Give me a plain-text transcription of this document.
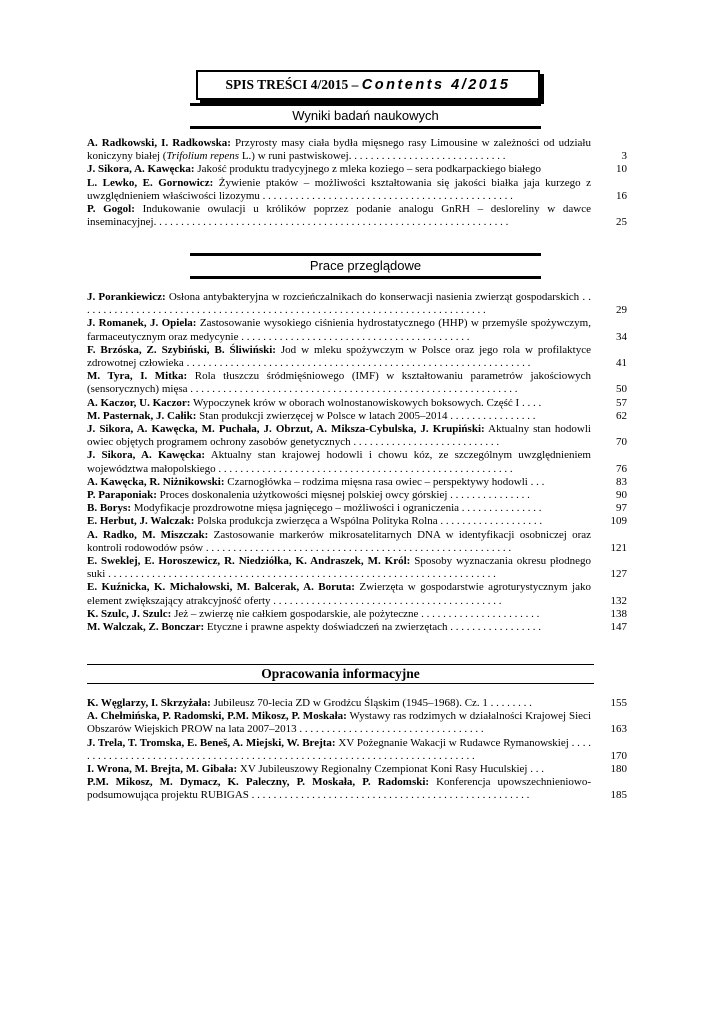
SPIS TREŚCI 4/2015 – Contents 4/2015
Wyniki badań naukowych
A. Radkowski, I. Radkowska: Przyrosty masy ciała bydła mięsnego rasy Limousine w zależności od udziału koniczyny białej (Trifolium repens L.) w runi pastwiskowej. . . . . . . . . . . . . . . . . . . . . . . . . . . . .	3
J. Sikora, A. Kawęcka: Jakość produktu tradycyjnego z mleka koziego – sera podkarpackiego białego	10
L. Lewko, E. Gornowicz: Żywienie ptaków – możliwości kształtowania się jakości białka jaja kurzego z uwzględnieniem właściwości lizozymu . . . . . . . . . . . . . . . . . . . . . . . . . . . . . . . . . . . . . . . . . . . . . .	16
P. Gogol: Indukowanie owulacji u królików poprzez podanie analogu GnRH – desloreliny w dawce inseminacyjnej. . . . . . . . . . . . . . . . . . . . . . . . . . . . . . . . . . . . . . . . . . . . . . . . . . . . . . . . . . . . . . . . .	25
Prace przeglądowe
J. Porankiewicz: Osłona antybakteryjna w rozcieńczalnikach do konserwacji nasienia zwierząt gospodarskich . . . . . . . . . . . . . . . . . . . . . . . . . . . . . . . . . . . . . . . . . . . . . . . . . . . . . . . . . . . . . . . . . . . . . . . . . . .	29
J. Romanek, J. Opiela: Zastosowanie wysokiego ciśnienia hydrostatycznego (HHP) w przemyśle spożywczym, farmaceutycznym oraz medycynie . . . . . . . . . . . . . . . . . . . . . . . . . . . . . . . . . . . . . . . . . .	34
F. Brzóska, Z. Szybiński, B. Śliwiński: Jod w mleku spożywczym w Polsce oraz jego rola w profilaktyce zdrowotnej człowieka . . . . . . . . . . . . . . . . . . . . . . . . . . . . . . . . . . . . . . . . . . . . . . . . . . . . . . . . . . . . . . .	41
M. Tyra, I. Mitka: Rola tłuszczu śródmięśniowego (IMF) w kształtowaniu parametrów jakościowych (sensorycznych) mięsa . . . . . . . . . . . . . . . . . . . . . . . . . . . . . . . . . . . . . . . . . . . . . . . . . . . . . . . . . . . .	50
A. Kaczor, U. Kaczor: Wypoczynek krów w oborach wolnostanowiskowych boksowych. Część I . . . .	57
M. Pasternak, J. Całik: Stan produkcji zwierzęcej w Polsce w latach 2005–2014 . . . . . . . . . . . . . . . .	62
J. Sikora, A. Kawęcka, M. Puchała, J. Obrzut, A. Miksza-Cybulska, J. Krupiński: Aktualny stan hodowli owiec objętych programem ochrony zasobów genetycznych . . . . . . . . . . . . . . . . . . . . . . . . . . .	70
J. Sikora, A. Kawęcka: Aktualny stan krajowej hodowli i chowu kóz, ze szczególnym uwzględnieniem województwa małopolskiego . . . . . . . . . . . . . . . . . . . . . . . . . . . . . . . . . . . . . . . . . . . . . . . . . . . . . .	76
A. Kawęcka, R. Niżnikowski: Czarnogłówka – rodzima mięsna rasa owiec – perspektywy hodowli . . .	83
P. Paraponiak: Proces doskonalenia użytkowości mięsnej polskiej owcy górskiej . . . . . . . . . . . . . . .	90
B. Borys: Modyfikacje prozdrowotne mięsa jagnięcego – możliwości i ograniczenia . . . . . . . . . . . . . . .	97
E. Herbut, J. Walczak: Polska produkcja zwierzęca a Wspólna Polityka Rolna . . . . . . . . . . . . . . . . . . .	109
A. Radko, M. Miszczak: Zastosowanie markerów mikrosatelitarnych DNA w identyfikacji osobniczej oraz kontroli rodowodów psów . . . . . . . . . . . . . . . . . . . . . . . . . . . . . . . . . . . . . . . . . . . . . . . . . . . . . . . .	121
E. Sweklej, E. Horoszewicz, R. Niedziółka, K. Andraszek, M. Król: Sposoby wyznaczania okresu płodnego suki . . . . . . . . . . . . . . . . . . . . . . . . . . . . . . . . . . . . . . . . . . . . . . . . . . . . . . . . . . . . . . . . . . . . . . .	127
E. Kuźnicka, K. Michałowski, M. Balcerak, A. Boruta: Zwierzęta w gospodarstwie agroturystycznym jako element zwiększający atrakcyjność oferty . . . . . . . . . . . . . . . . . . . . . . . . . . . . . . . . . . . . . . . . . .	132
K. Szulc, J. Szulc: Jeż – zwierzę nie całkiem gospodarskie, ale pożyteczne . . . . . . . . . . . . . . . . . . . . . .	138
M. Walczak, Z. Bonczar: Etyczne i prawne aspekty doświadczeń na zwierzętach . . . . . . . . . . . . . . . . .	147
Opracowania informacyjne
K. Węglarzy, I. Skrzyżała: Jubileusz 70-lecia ZD w Grodźcu Śląskim (1945–1968). Cz. 1 . . . . . . . .	155
A. Chełmińska, P. Radomski, P.M. Mikosz, P. Moskała: Wystawy ras rodzimych w działalności Krajowej Sieci Obszarów Wiejskich PROW na lata 2007–2013 . . . . . . . . . . . . . . . . . . . . . . . . . . . . . . . . . .	163
J. Trela, T. Tromska, E. Beneš, A. Miejski, W. Brejta: XV Pożegnanie Wakacji w Rudawce Rymanowskiej . . . . . . . . . . . . . . . . . . . . . . . . . . . . . . . . . . . . . . . . . . . . . . . . . . . . . . . . . . . . . . . . . . . . . . . . . . .	170
I. Wrona, M. Brejta, M. Gibała: XV Jubileuszowy Regionalny Czempionat Koni Rasy Huculskiej . . .	180
P.M. Mikosz, M. Dymacz, K. Paleczny, P. Moskała, P. Radomski: Konferencja upowszechnieniowo-podsumowująca projektu RUBIGAS . . . . . . . . . . . . . . . . . . . . . . . . . . . . . . . . . . . . . . . . . . . . . . . . . . .	185
